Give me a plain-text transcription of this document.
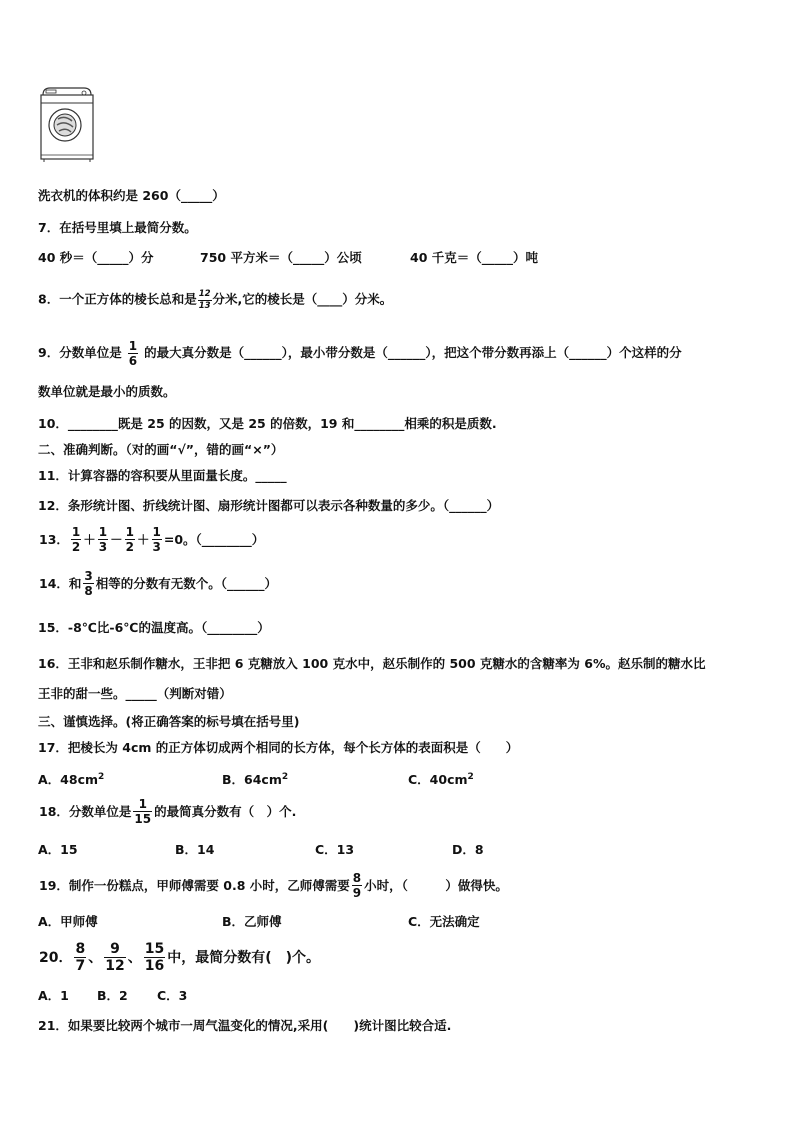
洗衣机的体积约是 260（_____）
7．在括号里填上最简分数。
40 秒＝（_____）分	750 平方米＝（_____）公顷	40 千克＝（_____）吨
8．一个正方体的棱长总和是 $\frac{12}{13}$ 分米,它的棱长是（____）分米。
9．分数单位是 $\frac{1}{6}$ 的最大真分数是（______），最小带分数是（______），把这个带分数再添上（______）个这样的分
数单位就是最小的质数。
10．________既是 25 的因数，又是 25 的倍数，19 和________相乘的积是质数.
二、准确判断。（对的画“√”，错的画“×”）
11．计算容器的容积要从里面量长度。_____
12．条形统计图、折线统计图、扇形统计图都可以表示各种数量的多少。（______）
13． $\frac{1}{2} + \frac{1}{3} - \frac{1}{2} + \frac{1}{3} =0$。（________）
14．和 $\frac{3}{8}$ 相等的分数有无数个。（______）
15．-8℃比-6℃的温度高。（________）
16．王非和赵乐制作糖水，王非把 6 克糖放入 100 克水中，赵乐制作的 500 克糖水的含糖率为 6%。赵乐制的糖水比
王非的甜一些。_____（判断对错）
三、谨慎选择。(将正确答案的标号填在括号里)
17．把棱长为 4cm 的正方体切成两个相同的长方体，每个长方体的表面积是（　　）
A．$48cm^2$	B．$64cm^2$	C．$40cm^2$
18．分数单位是 $\frac{1}{15}$ 的最简真分数有（　）个.
A．15	B．14	C．13	D．8
19．制作一份糕点，甲师傅需要 0.8 小时，乙师傅需要 $\frac{8}{9}$ 小时，（　　　）做得快。
A．甲师傅	B．乙师傅	C．无法确定
20． $\frac{8}{7}$ 、 $\frac{9}{12}$ 、 $\frac{15}{16}$ 中，最简分数有(　)个。
A．1 B．2 C．3
21．如果要比较两个城市一周气温变化的情况,采用(　　)统计图比较合适.
